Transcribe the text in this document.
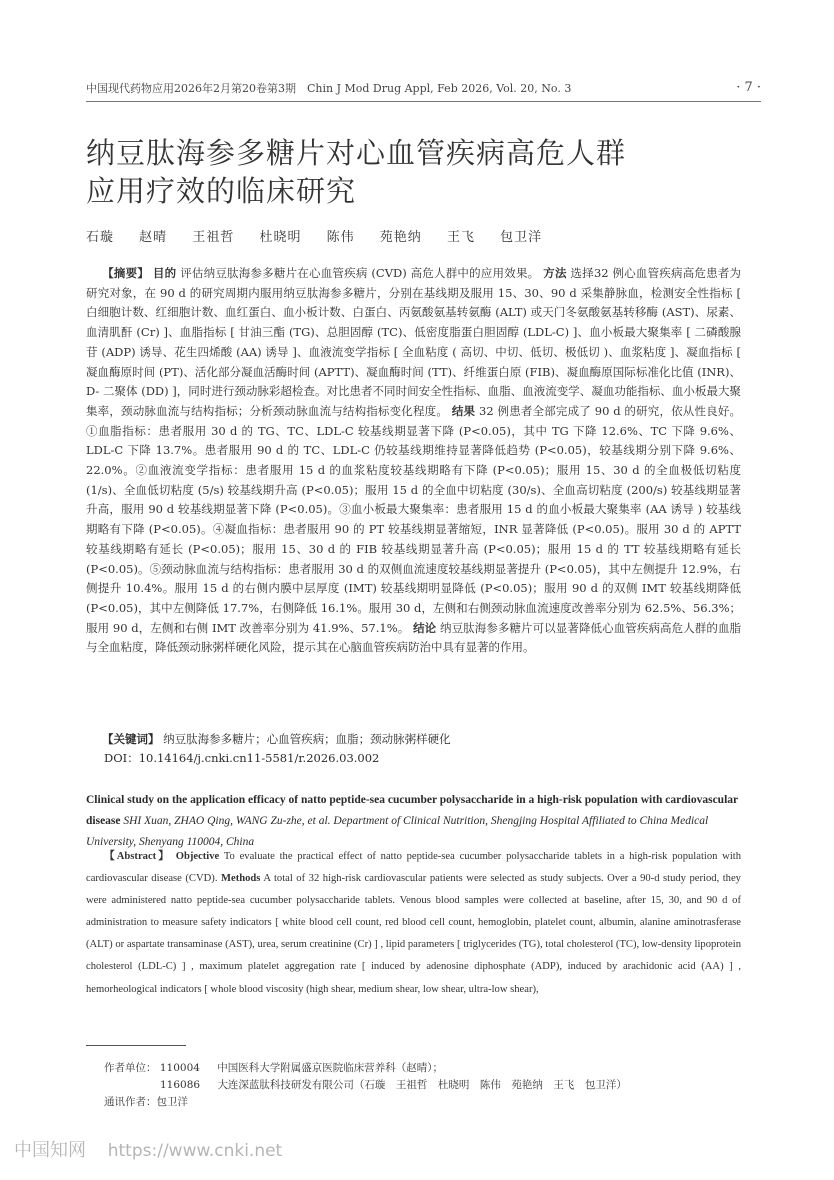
中国现代药物应用2026年2月第20卷第3期　Chin J Mod Drug Appl, Feb 2026, Vol. 20, No. 3	· 7 ·
纳豆肽海参多糖片对心血管疾病高危人群
应用疗效的临床研究
石璇 赵晴 王祖哲 杜晓明 陈伟 苑艳纳 王飞 包卫洋
【摘要】 目的 评估纳豆肽海参多糖片在心血管疾病 (CVD) 高危人群中的应用效果。 方法 选择32 例心血管疾病高危患者为研究对象，在 90 d 的研究周期内服用纳豆肽海参多糖片，分别在基线期及服用 15、30、90 d 采集静脉血，检测安全性指标 [ 白细胞计数、红细胞计数、血红蛋白、血小板计数、白蛋白、丙氨酸氨基转氨酶 (ALT) 或天门冬氨酸氨基转移酶 (AST)、尿素、血清肌酐 (Cr) ]、血脂指标 [ 甘油三酯 (TG)、总胆固醇 (TC)、低密度脂蛋白胆固醇 (LDL-C) ]、血小板最大聚集率 [ 二磷酸腺苷 (ADP) 诱导、花生四烯酸 (AA) 诱导 ]、血液流变学指标 [ 全血粘度 ( 高切、中切、低切、极低切 )、血浆粘度 ]、凝血指标 [ 凝血酶原时间 (PT)、活化部分凝血活酶时间 (APTT)、凝血酶时间 (TT)、纤维蛋白原 (FIB)、凝血酶原国际标准化比值 (INR)、D- 二聚体 (DD) ]，同时进行颈动脉彩超检查。对比患者不同时间安全性指标、血脂、血液流变学、凝血功能指标、血小板最大聚集率，颈动脉血流与结构指标；分析颈动脉血流与结构指标变化程度。 结果 32 例患者全部完成了 90 d 的研究，依从性良好。①血脂指标：患者服用 30 d 的 TG、TC、LDL-C 较基线期显著下降 (P<0.05)，其中 TG 下降 12.6%、TC 下降 9.6%、LDL-C 下降 13.7%。患者服用 90 d 的 TC、LDL-C 仍较基线期维持显著降低趋势 (P<0.05)，较基线期分别下降 9.6%、22.0%。②血液流变学指标：患者服用 15 d 的血浆粘度较基线期略有下降 (P<0.05)；服用 15、30 d 的全血极低切粘度 (1/s)、全血低切粘度 (5/s) 较基线期升高 (P<0.05)；服用 15 d 的全血中切粘度 (30/s)、全血高切粘度 (200/s) 较基线期显著升高，服用 90 d 较基线期显著下降 (P<0.05)。③血小板最大聚集率：患者服用 15 d 的血小板最大聚集率 (AA 诱导 ) 较基线期略有下降 (P<0.05)。④凝血指标：患者服用 90 的 PT 较基线期显著缩短，INR 显著降低 (P<0.05)。服用 30 d 的 APTT 较基线期略有延长 (P<0.05)；服用 15、30 d 的 FIB 较基线期显著升高 (P<0.05)；服用 15 d 的 TT 较基线期略有延长 (P<0.05)。⑤颈动脉血流与结构指标：患者服用 30 d 的双侧血流速度较基线期显著提升 (P<0.05)，其中左侧提升 12.9%，右侧提升 10.4%。服用 15 d 的右侧内膜中层厚度 (IMT) 较基线期明显降低 (P<0.05)；服用 90 d 的双侧 IMT 较基线期降低 (P<0.05)，其中左侧降低 17.7%，右侧降低 16.1%。服用 30 d，左侧和右侧颈动脉血流速度改善率分别为 62.5%、56.3%；服用 90 d，左侧和右侧 IMT 改善率分别为 41.9%、57.1%。 结论 纳豆肽海参多糖片可以显著降低心血管疾病高危人群的血脂与全血粘度，降低颈动脉粥样硬化风险，提示其在心脑血管疾病防治中具有显著的作用。
【关键词】 纳豆肽海参多糖片；心血管疾病；血脂；颈动脉粥样硬化
DOI：10.14164/j.cnki.cn11-5581/r.2026.03.002
Clinical study on the application efficacy of natto peptide-sea cucumber polysaccharide in a high-risk population with cardiovascular disease SHI Xuan, ZHAO Qing, WANG Zu-zhe, et al. Department of Clinical Nutrition, Shengjing Hospital Affiliated to China Medical University, Shenyang 110004, China
【Abstract】 Objective To evaluate the practical effect of natto peptide-sea cucumber polysaccharide tablets in a high-risk population with cardiovascular disease (CVD). Methods A total of 32 high-risk cardiovascular patients were selected as study subjects. Over a 90-d study period, they were administered natto peptide-sea cucumber polysaccharide tablets. Venous blood samples were collected at baseline, after 15, 30, and 90 d of administration to measure safety indicators [ white blood cell count, red blood cell count, hemoglobin, platelet count, albumin, alanine aminotrasferase (ALT) or aspartate transaminase (AST), urea, serum creatinine (Cr) ] , lipid parameters [ triglycerides (TG), total cholesterol (TC), low-density lipoprotein cholesterol (LDL-C) ] , maximum platelet aggregation rate [ induced by adenosine diphosphate (ADP), induced by arachidonic acid (AA) ] , hemorheological indicators [ whole blood viscosity (high shear, medium shear, low shear, ultra-low shear),
作者单位： 110004 中国医科大学附属盛京医院临床营养科（赵晴）；
116086 大连深蓝肽科技研发有限公司（石璇　王祖哲　杜晓明　陈伟　苑艳纳　王飞　包卫洋）
通讯作者：包卫洋
中国知网 https://www.cnki.net
